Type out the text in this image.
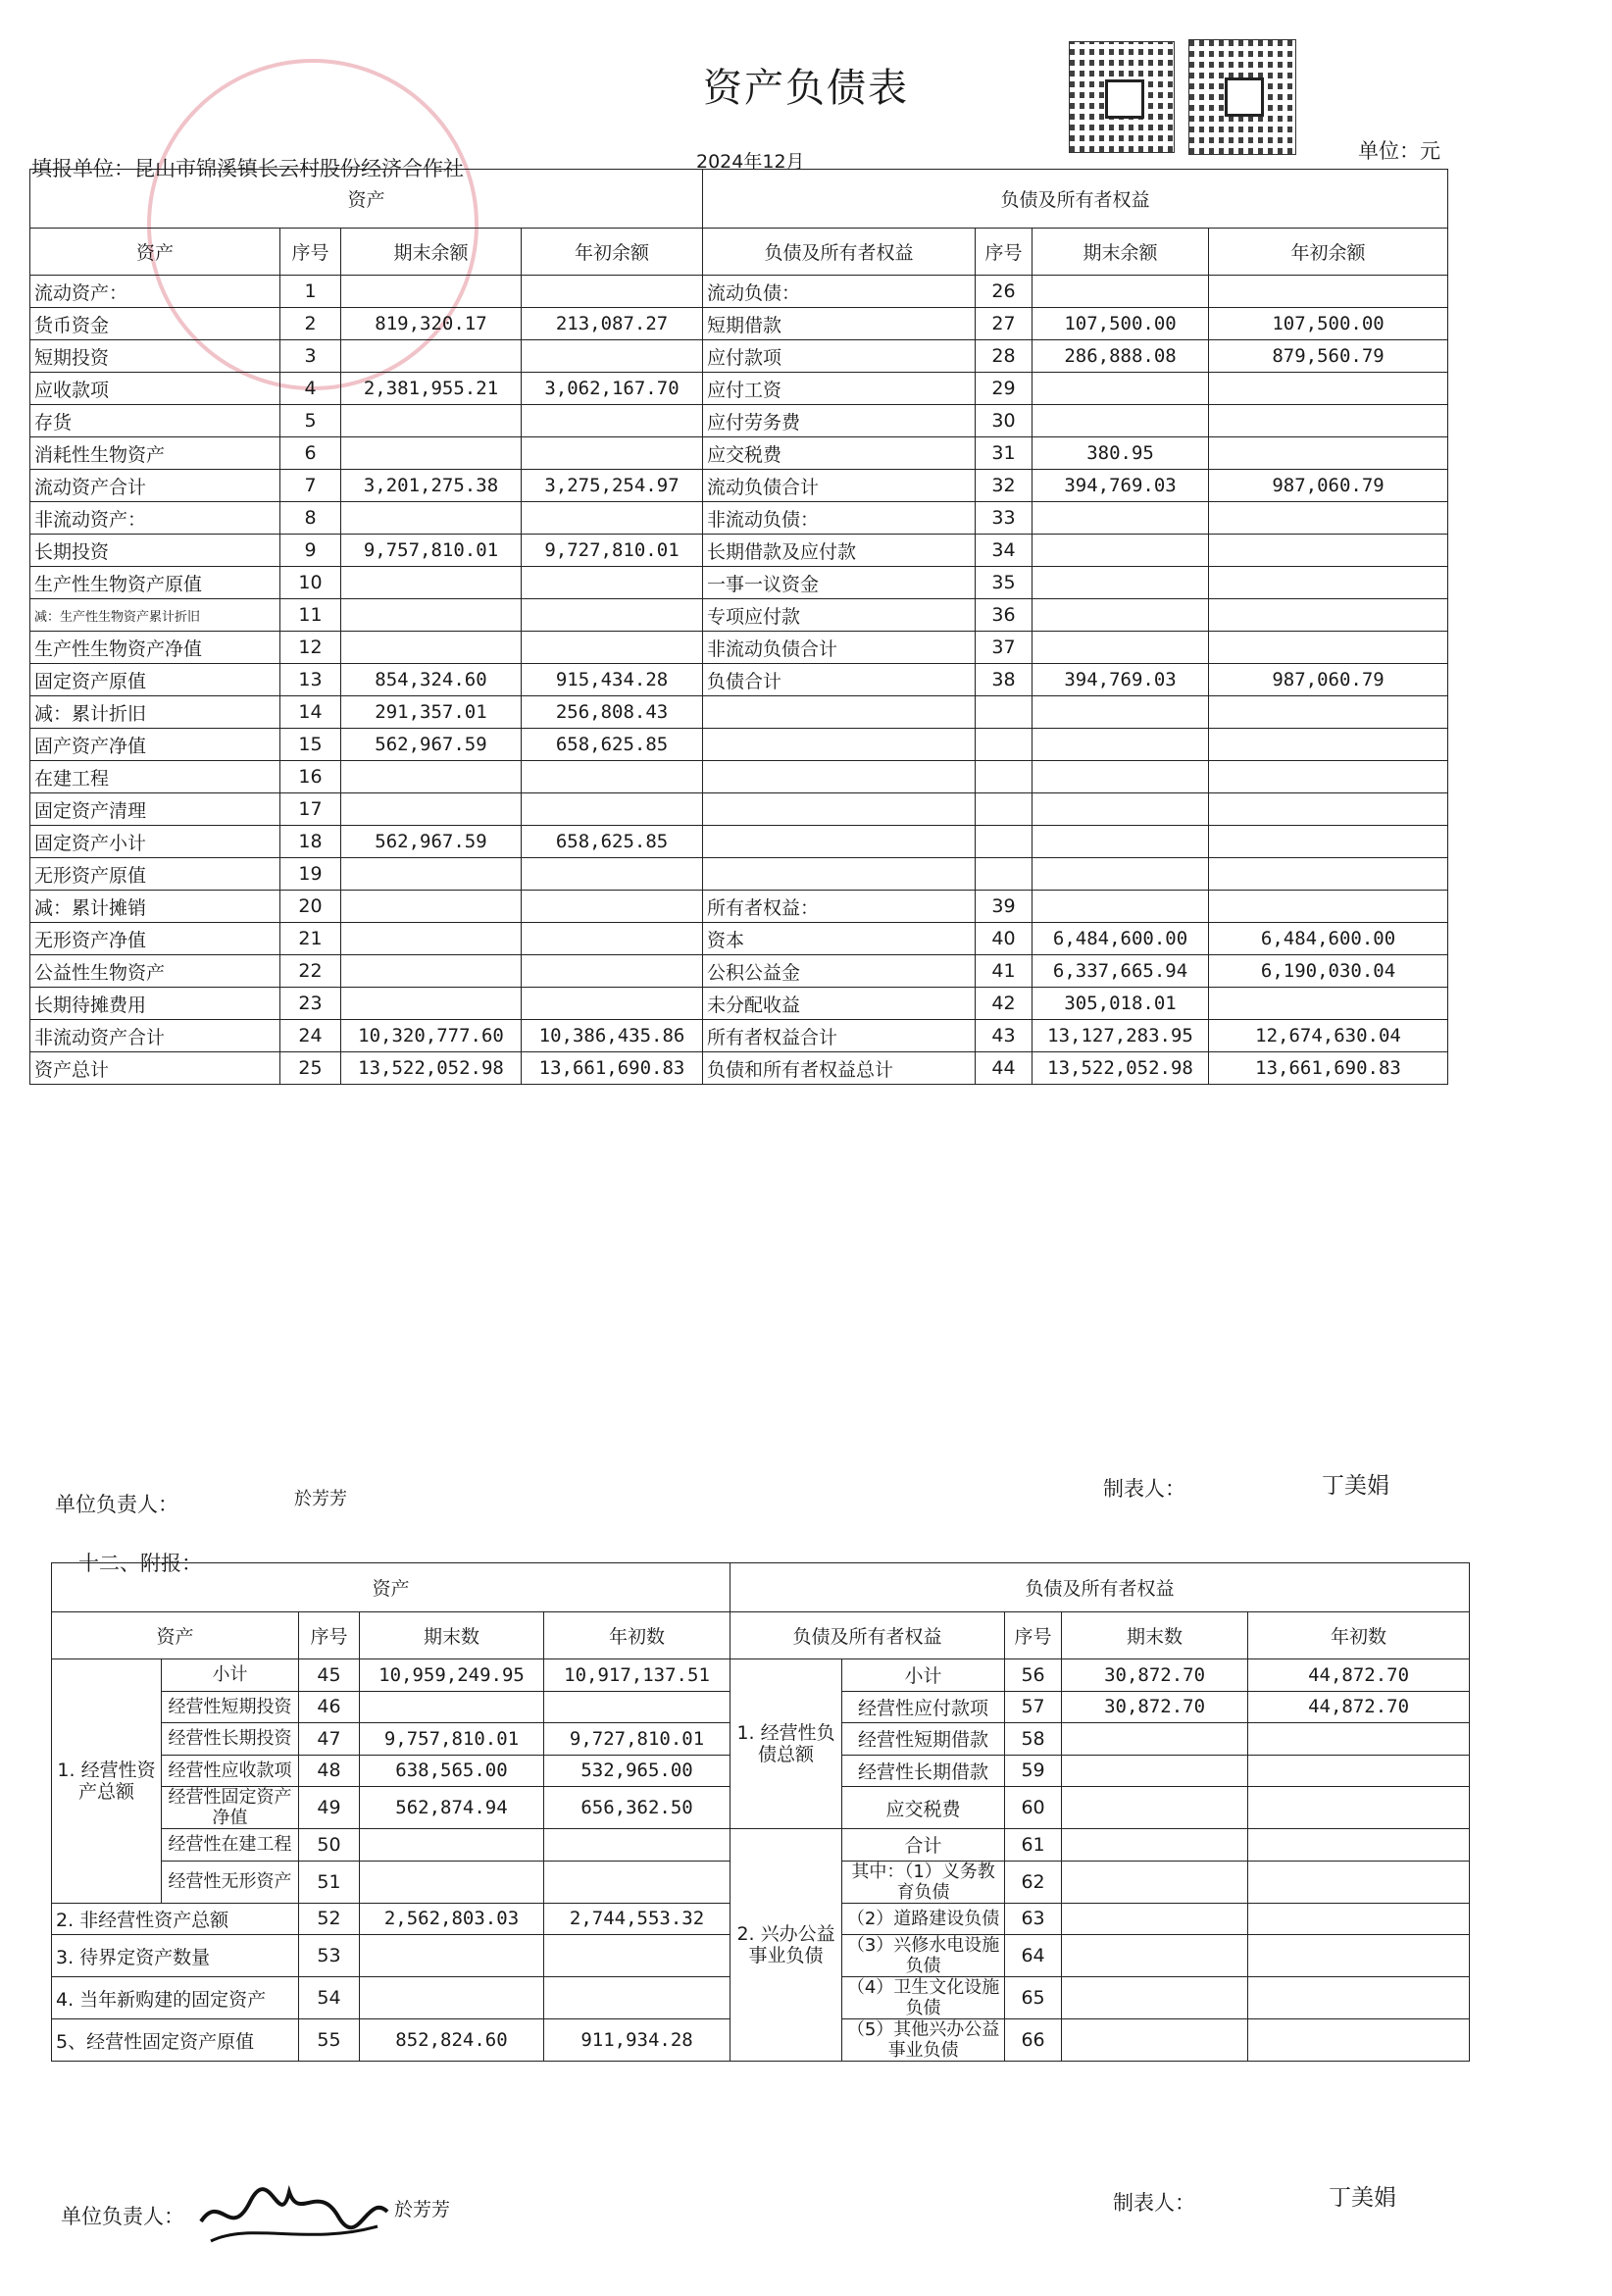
资产负债表
填报单位：昆山市锦溪镇长云村股份经济合作社	2024年12月	单位：元
资产				负债及所有者权益			
资产	序号	期末余额	年初余额	负债及所有者权益	序号	期末余额	年初余额
流动资产：	1			流动负债：	26		
货币资金	2	819,320.17	213,087.27	短期借款	27	107,500.00	107,500.00
短期投资	3			应付款项	28	286,888.08	879,560.79
应收款项	4	2,381,955.21	3,062,167.70	应付工资	29		
存货	5			应付劳务费	30		
消耗性生物资产	6			应交税费	31	380.95	
流动资产合计	7	3,201,275.38	3,275,254.97	流动负债合计	32	394,769.03	987,060.79
非流动资产：	8			非流动负债：	33		
长期投资	9	9,757,810.01	9,727,810.01	长期借款及应付款	34		
生产性生物资产原值	10			一事一议资金	35		
减：生产性生物资产累计折旧	11			专项应付款	36		
生产性生物资产净值	12			非流动负债合计	37		
固定资产原值	13	854,324.60	915,434.28	负债合计	38	394,769.03	987,060.79
减：累计折旧	14	291,357.01	256,808.43				
固产资产净值	15	562,967.59	658,625.85				
在建工程	16						
固定资产清理	17						
固定资产小计	18	562,967.59	658,625.85				
无形资产原值	19						
减：累计摊销	20			所有者权益：	39		
无形资产净值	21			资本	40	6,484,600.00	6,484,600.00
公益性生物资产	22			公积公益金	41	6,337,665.94	6,190,030.04
长期待摊费用	23			未分配收益	42	305,018.01	
非流动资产合计	24	10,320,777.60	10,386,435.86	所有者权益合计	43	13,127,283.95	12,674,630.04
资产总计	25	13,522,052.98	13,661,690.83	负债和所有者权益总计	44	13,522,052.98	13,661,690.83
单位负责人：	於芳芳	制表人：	丁美娟
十二、附报：
资产					负债及所有者权益				
资产		序号	期末数	年初数	负债及所有者权益		序号	期末数	年初数
1. 经营性资产总额	小计	45	10,959,249.95	10,917,137.51	1. 经营性负债总额	小计	56	30,872.70	44,872.70
	经营性短期投资	46				经营性应付款项	57	30,872.70	44,872.70
	经营性长期投资	47	9,757,810.01	9,727,810.01		经营性短期借款	58		
	经营性应收款项	48	638,565.00	532,965.00		经营性长期借款	59		
	经营性固定资产净值	49	562,874.94	656,362.50		应交税费	60		
	经营性在建工程	50			2. 兴办公益事业负债	合计	61		
	经营性无形资产	51				其中：（1）义务教育负债	62		
2. 非经营性资产总额		52	2,562,803.03	2,744,553.32		（2）道路建设负债	63		
3. 待界定资产数量		53				（3）兴修水电设施负债	64		
4. 当年新购建的固定资产		54				（4）卫生文化设施负债	65		
5、经营性固定资产原值		55	852,824.60	911,934.28		（5）其他兴办公益事业负债	66		
单位负责人：	於芳芳	制表人：	丁美娟
